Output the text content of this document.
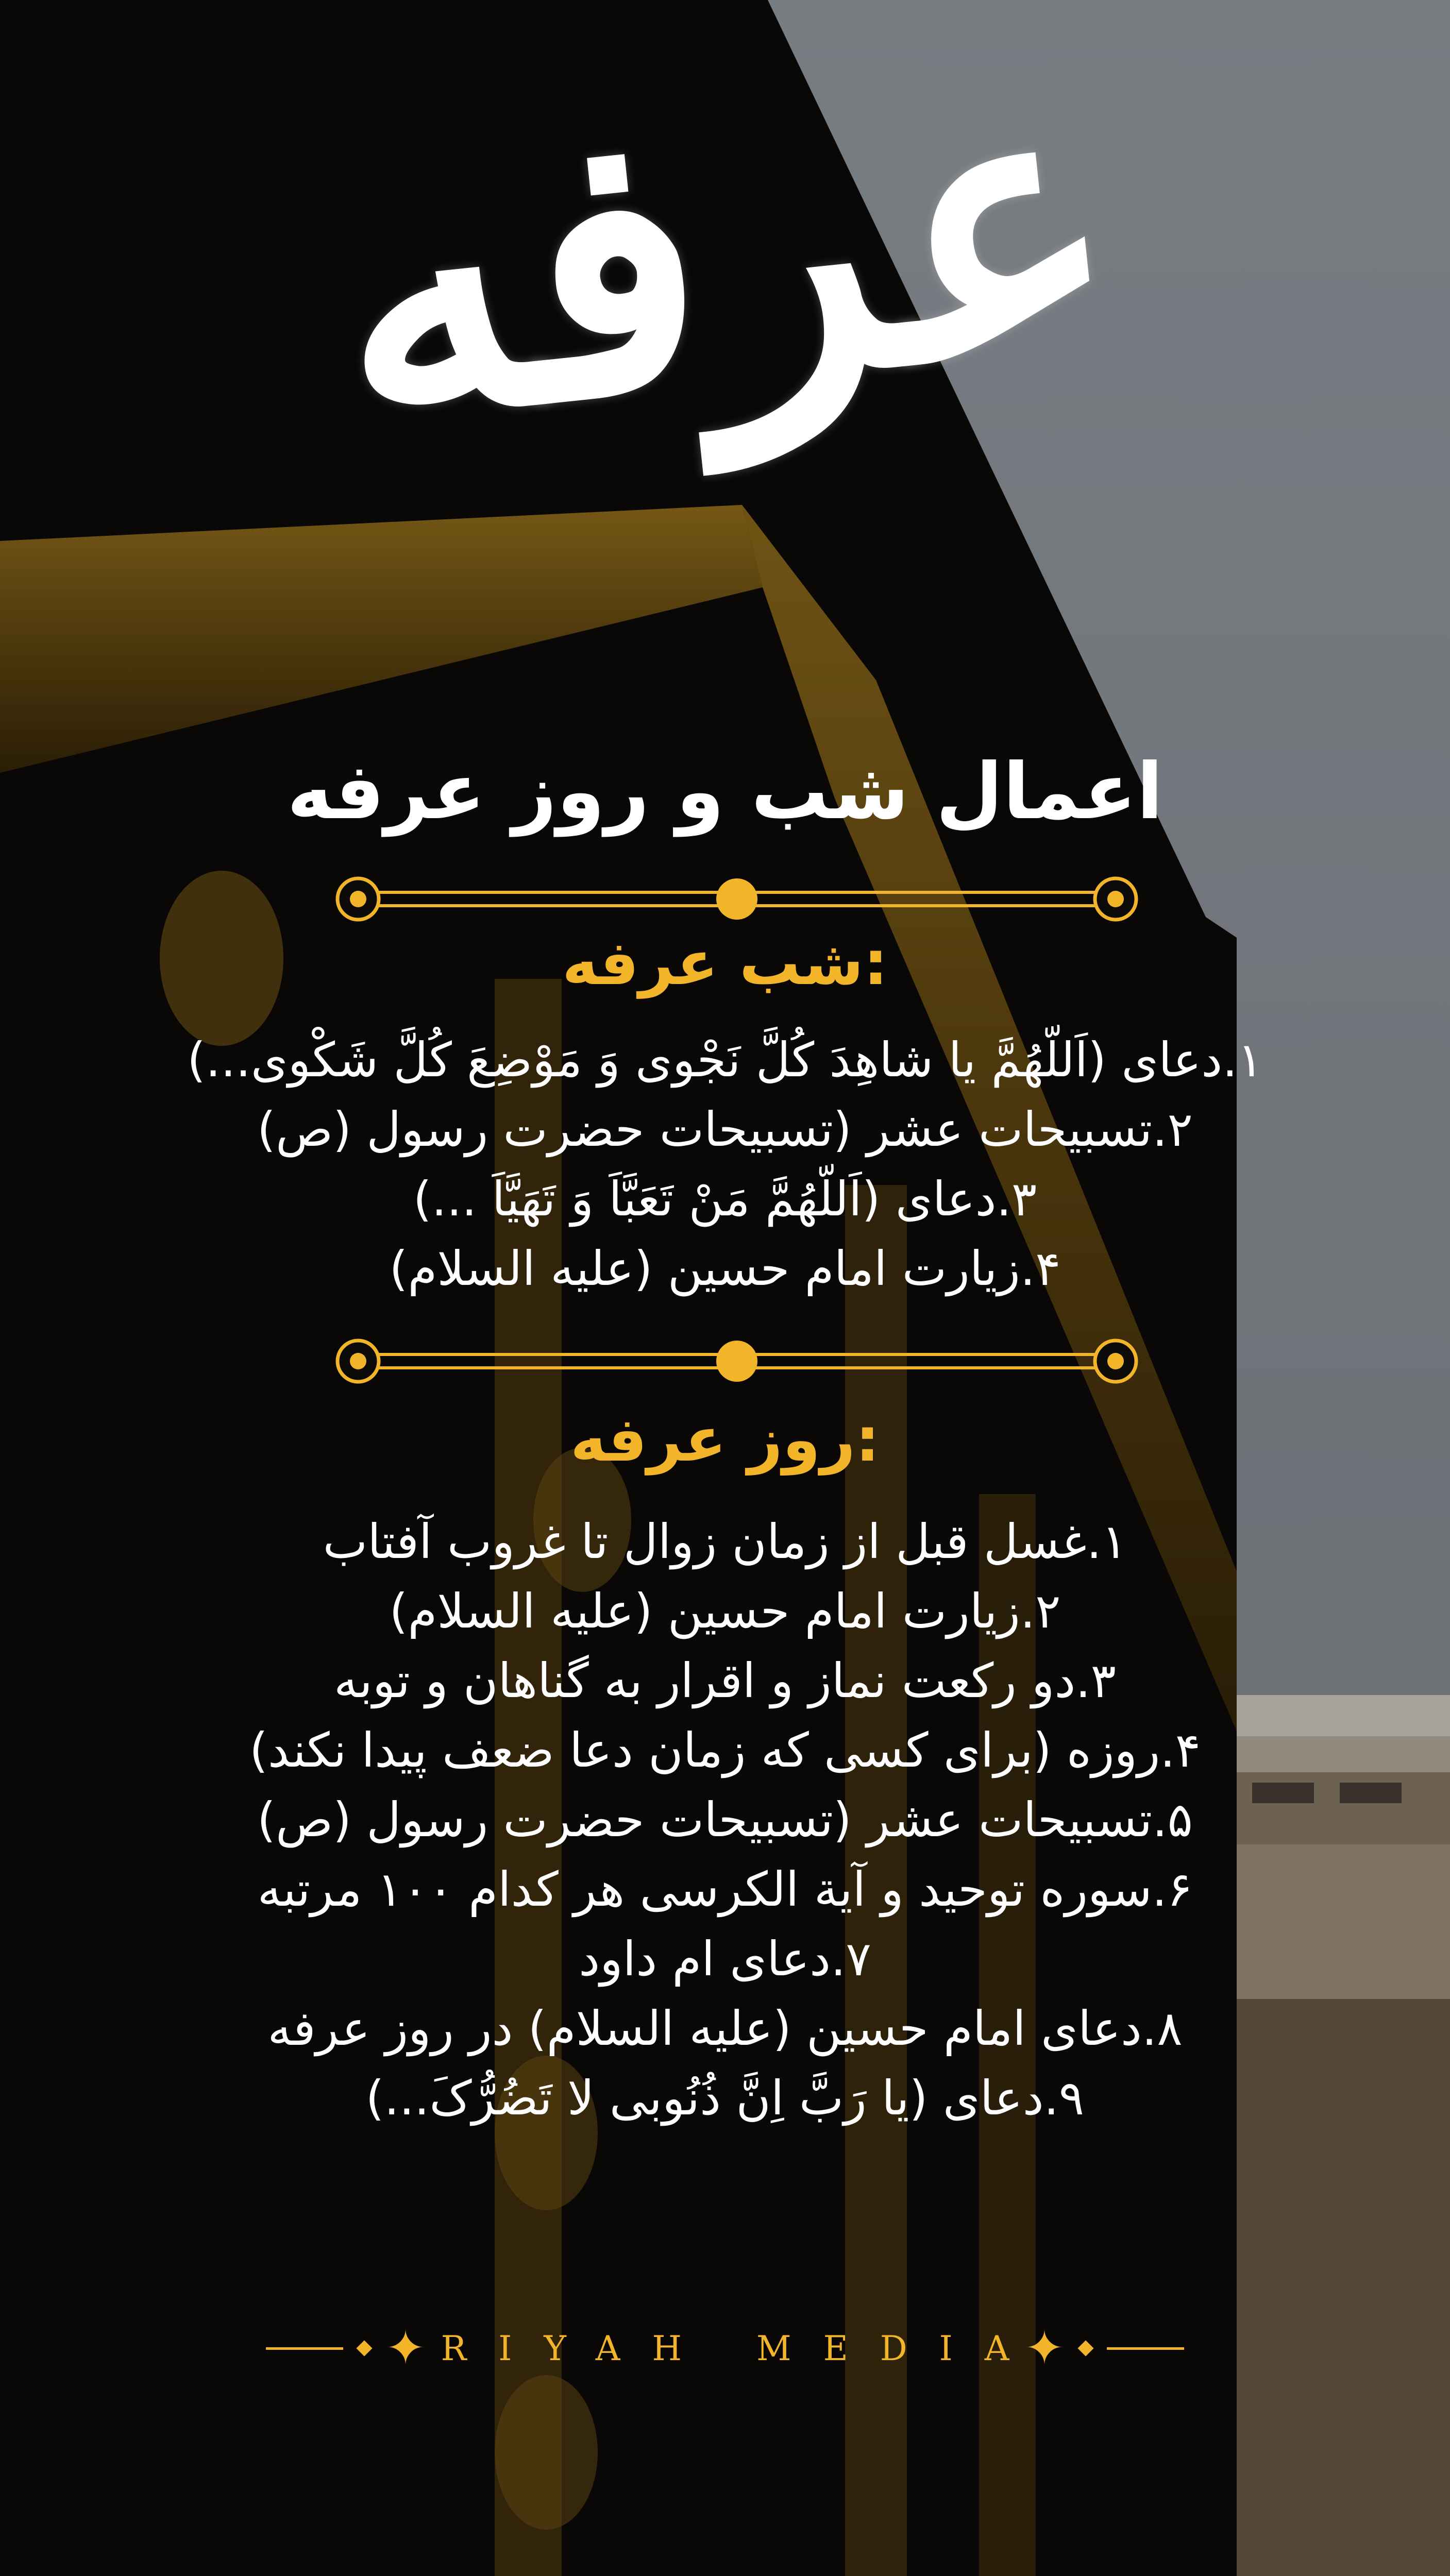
عرفه
اعمال شب و روز عرفه
شب عرفه:
۱.دعای (اَللّهُمَّ یا شاهِدَ کُلَّ نَجْوی وَ مَوْضِعَ کُلَّ شَکْوی...)
۲.تسبیحات عشر (تسبیحات حضرت رسول (ص)
۳.دعای (اَللّهُمَّ مَنْ تَعَبَّاَ وَ تَهَیَّاَ ...)
۴.زیارت امام حسین (علیه السلام)
روز عرفه:
۱.غسل قبل از زمان زوال تا غروب آفتاب
۲.زیارت امام حسین (علیه السلام)
۳.دو رکعت نماز و اقرار به گناهان و توبه
۴.روزه (برای کسی که زمان دعا ضعف پیدا نکند)
۵.تسبیحات عشر (تسبیحات حضرت رسول (ص)
۶.سوره توحید و آیة الکرسی هر کدام ۱۰۰ مرتبه
۷.دعای ام داود
۸.دعای امام حسین (علیه السلام) در روز عرفه
۹.دعای (یا رَبَّ اِنَّ ذُنُوبی لا تَضُرُّکَ...)
✦ RIYAH MEDIA
✦
